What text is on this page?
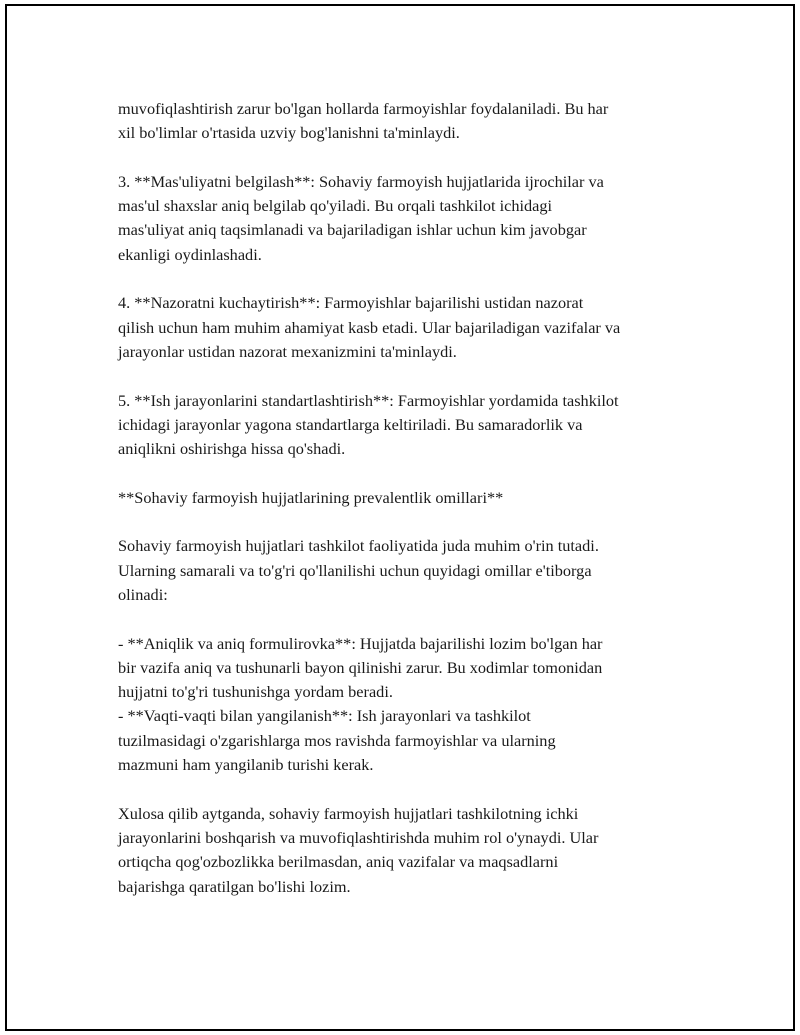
muvofiqlashtirish zarur bo'lgan hollarda farmoyishlar foydalaniladi. Bu har
xil bo'limlar o'rtasida uzviy bog'lanishni ta'minlaydi.

3. **Mas'uliyatni belgilash**: Sohaviy farmoyish hujjatlarida ijrochilar va
mas'ul shaxslar aniq belgilab qo'yiladi. Bu orqali tashkilot ichidagi
mas'uliyat aniq taqsimlanadi va bajariladigan ishlar uchun kim javobgar
ekanligi oydinlashadi.

4. **Nazoratni kuchaytirish**: Farmoyishlar bajarilishi ustidan nazorat
qilish uchun ham muhim ahamiyat kasb etadi. Ular bajariladigan vazifalar va
jarayonlar ustidan nazorat mexanizmini ta'minlaydi.

5. **Ish jarayonlarini standartlashtirish**: Farmoyishlar yordamida tashkilot
ichidagi jarayonlar yagona standartlarga keltiriladi. Bu samaradorlik va
aniqlikni oshirishga hissa qo'shadi.

**Sohaviy farmoyish hujjatlarining prevalentlik omillari**

Sohaviy farmoyish hujjatlari tashkilot faoliyatida juda muhim o'rin tutadi.
Ularning samarali va to'g'ri qo'llanilishi uchun quyidagi omillar e'tiborga
olinadi:

- **Aniqlik va aniq formulirovka**: Hujjatda bajarilishi lozim bo'lgan har
bir vazifa aniq va tushunarli bayon qilinishi zarur. Bu xodimlar tomonidan
hujjatni to'g'ri tushunishga yordam beradi.
- **Vaqti-vaqti bilan yangilanish**: Ish jarayonlari va tashkilot
tuzilmasidagi o'zgarishlarga mos ravishda farmoyishlar va ularning
mazmuni ham yangilanib turishi kerak.

Xulosa qilib aytganda, sohaviy farmoyish hujjatlari tashkilotning ichki
jarayonlarini boshqarish va muvofiqlashtirishda muhim rol o'ynaydi. Ular
ortiqcha qog'ozbozlikka berilmasdan, aniq vazifalar va maqsadlarni
bajarishga qaratilgan bo'lishi lozim.
